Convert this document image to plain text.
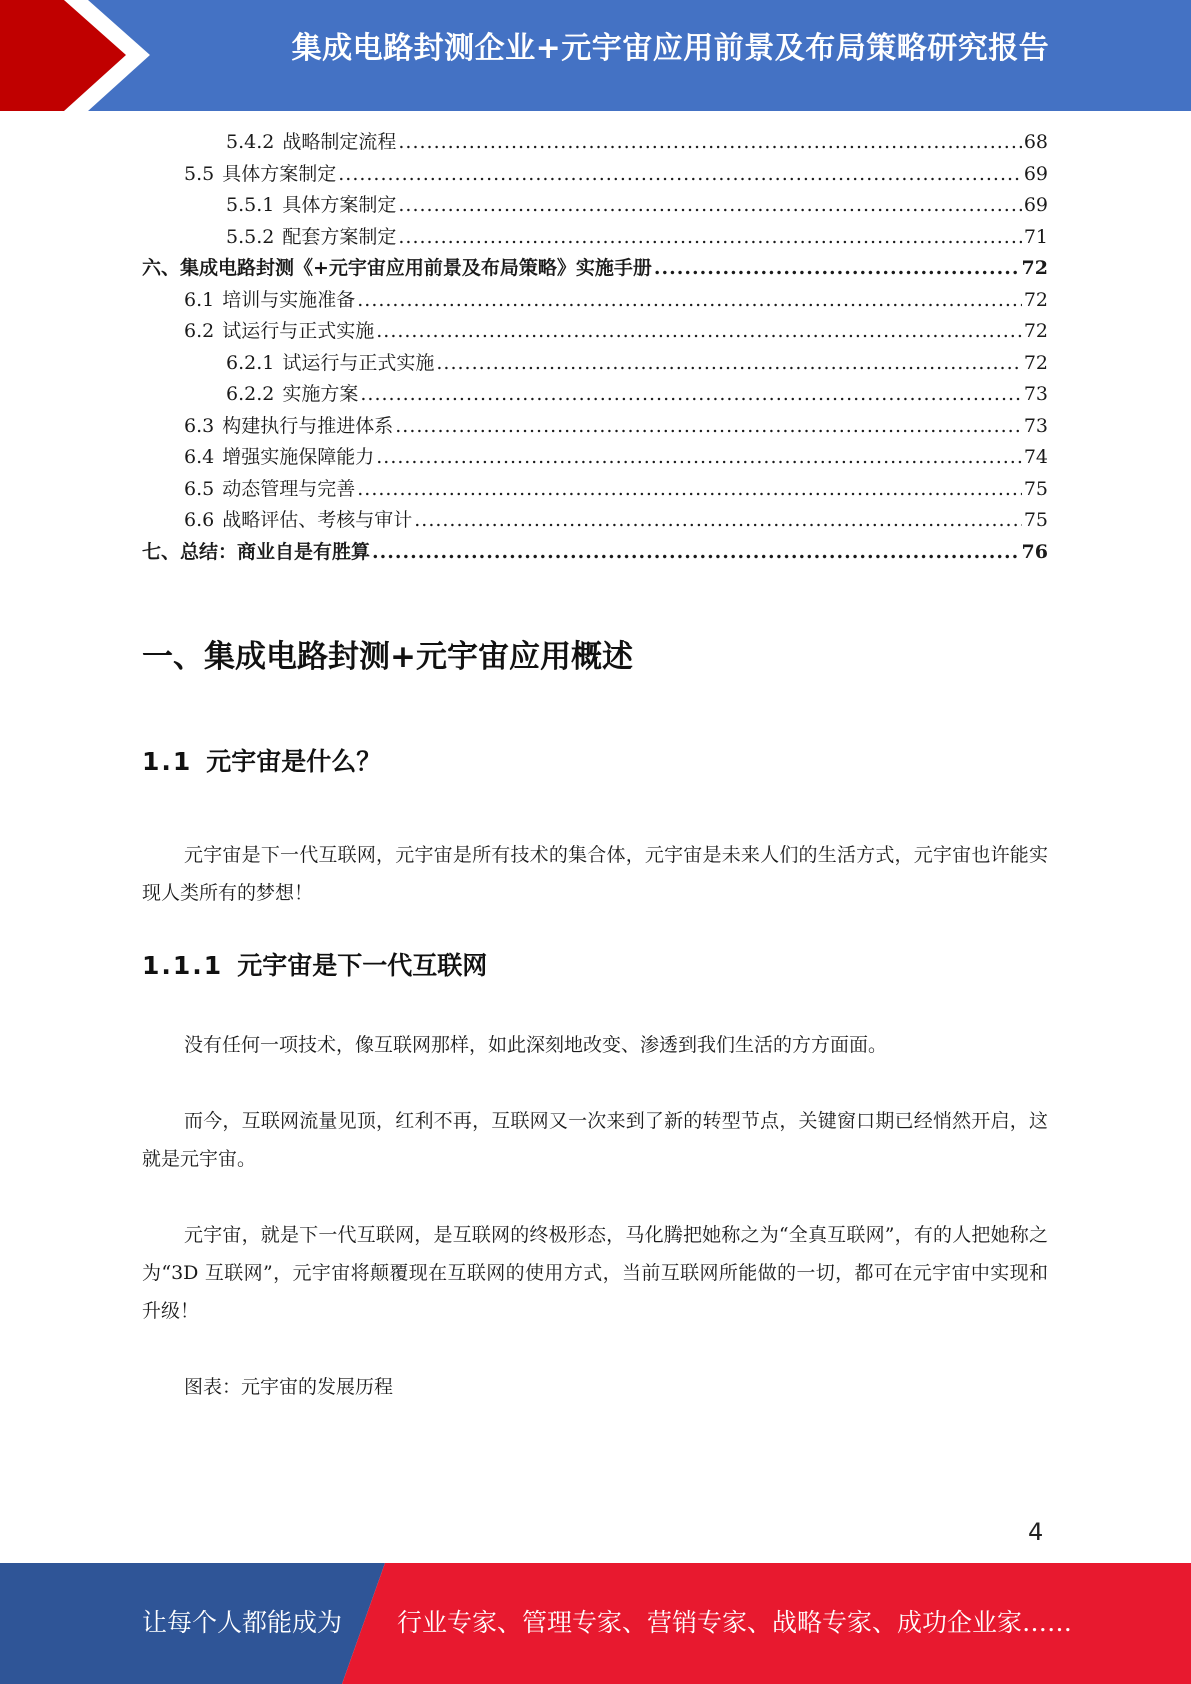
集成电路封测企业+元宇宙应用前景及布局策略研究报告
5.4.2 战略制定流程 .....	68
5.5 具体方案制定 .....	69
5.5.1 具体方案制定 .....	69
5.5.2 配套方案制定 .....	71
六、集成电路封测《+元宇宙应用前景及布局策略》实施手册 .....	72
6.1 培训与实施准备 .....	72
6.2 试运行与正式实施 .....	72
6.2.1 试运行与正式实施 .....	72
6.2.2 实施方案 .....	73
6.3 构建执行与推进体系 .....	73
6.4 增强实施保障能力 .....	74
6.5 动态管理与完善 .....	75
6.6 战略评估、考核与审计 .....	75
七、总结：商业自是有胜算 .....	76
一、集成电路封测+元宇宙应用概述
1.1 元宇宙是什么？
元宇宙是下一代互联网，元宇宙是所有技术的集合体，元宇宙是未来人们的生活方式，元宇宙也许能实现人类所有的梦想！
1.1.1 元宇宙是下一代互联网
没有任何一项技术，像互联网那样，如此深刻地改变、渗透到我们生活的方方面面。
而今，互联网流量见顶，红利不再，互联网又一次来到了新的转型节点，关键窗口期已经悄然开启，这就是元宇宙。
元宇宙，就是下一代互联网，是互联网的终极形态，马化腾把她称之为“全真互联网”，有的人把她称之为“3D 互联网”，元宇宙将颠覆现在互联网的使用方式，当前互联网所能做的一切，都可在元宇宙中实现和升级！
图表：元宇宙的发展历程
4
让每个人都能成为 行业专家、管理专家、营销专家、战略专家、成功企业家……
